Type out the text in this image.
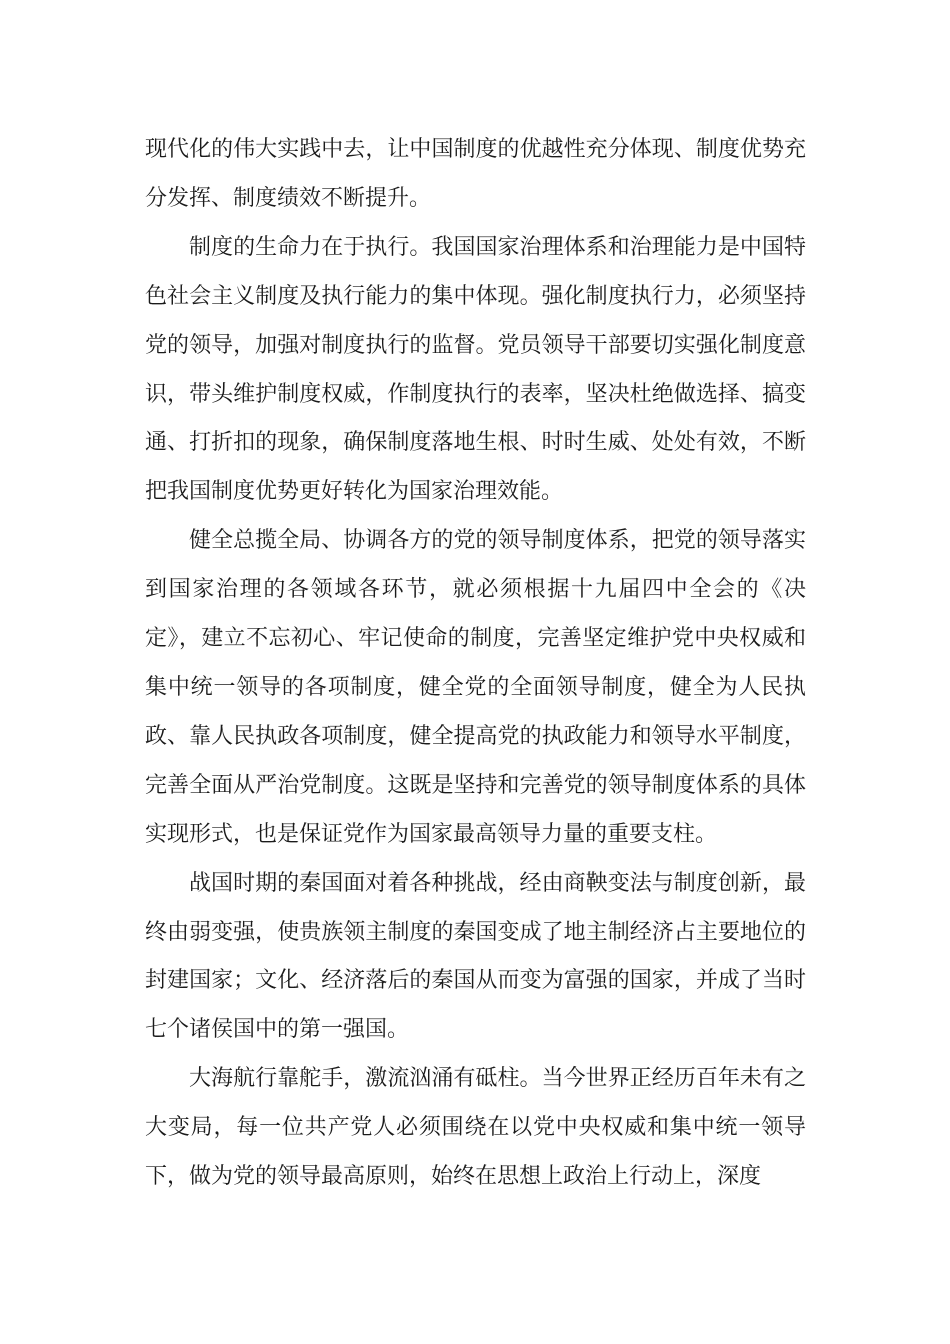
现代化的伟大实践中去，让中国制度的优越性充分体现、制度优势充分发挥、制度绩效不断提升。

制度的生命力在于执行。我国国家治理体系和治理能力是中国特色社会主义制度及执行能力的集中体现。强化制度执行力，必须坚持党的领导，加强对制度执行的监督。党员领导干部要切实强化制度意识，带头维护制度权威，作制度执行的表率，坚决杜绝做选择、搞变通、打折扣的现象，确保制度落地生根、时时生威、处处有效，不断把我国制度优势更好转化为国家治理效能。

健全总揽全局、协调各方的党的领导制度体系，把党的领导落实到国家治理的各领域各环节，就必须根据十九届四中全会的《决定》，建立不忘初心、牢记使命的制度，完善坚定维护党中央权威和集中统一领导的各项制度，健全党的全面领导制度，健全为人民执政、靠人民执政各项制度，健全提高党的执政能力和领导水平制度，完善全面从严治党制度。这既是坚持和完善党的领导制度体系的具体实现形式，也是保证党作为国家最高领导力量的重要支柱。

战国时期的秦国面对着各种挑战，经由商鞅变法与制度创新，最终由弱变强，使贵族领主制度的秦国变成了地主制经济占主要地位的封建国家；文化、经济落后的秦国从而变为富强的国家，并成了当时七个诸侯国中的第一强国。

大海航行靠舵手，激流汹涌有砥柱。当今世界正经历百年未有之大变局，每一位共产党人必须围绕在以党中央权威和集中统一领导下，做为党的领导最高原则，始终在思想上政治上行动上，深度
